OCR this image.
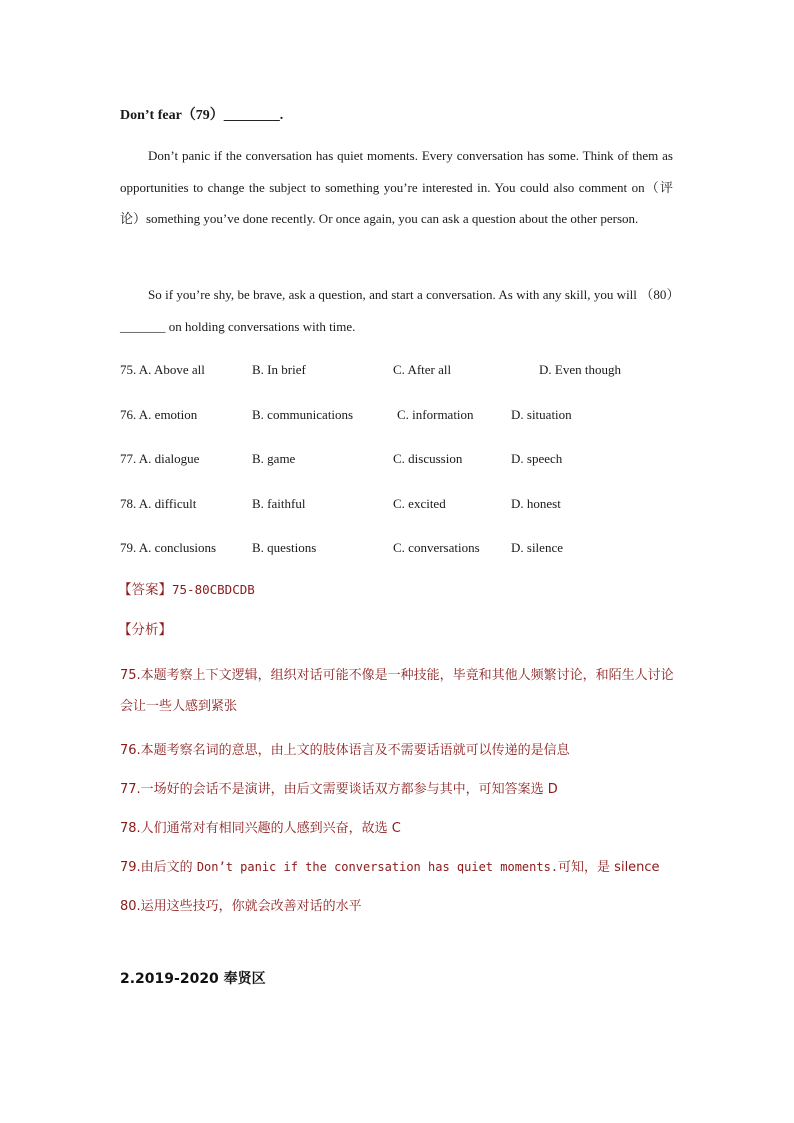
Don’t fear（79）________.
Don’t panic if the conversation has quiet moments. Every conversation has some. Think of them as opportunities to change the subject to something you’re interested in. You could also comment on（评论）something you’ve done recently. Or once again, you can ask a question about the other person.
So if you’re shy, be brave, ask a question, and start a conversation. As with any skill, you will （80）_______ on holding conversations with time.
75. A. Above all	B. In brief	C. After all	D. Even though
76. A. emotion	B. communications	C. information	D. situation
77. A. dialogue	B. game	C. discussion	D. speech
78. A. difficult	B. faithful	C. excited	D. honest
79. A. conclusions	B. questions	C. conversations D. silence
【答案】75-80CBDCDB
【分析】
75.本题考察上下文逻辑，组织对话可能不像是一种技能，毕竟和其他人频繁讨论，和陌生人讨论会让一些人感到紧张
76.本题考察名词的意思，由上文的肢体语言及不需要话语就可以传递的是信息
77.一场好的会话不是演讲，由后文需要谈话双方都参与其中，可知答案选 D
78.人们通常对有相同兴趣的人感到兴奋，故选 C
79.由后文的 Don’t panic if the conversation has quiet moments.可知，是 silence
80.运用这些技巧，你就会改善对话的水平
2.2019-2020 奉贤区
